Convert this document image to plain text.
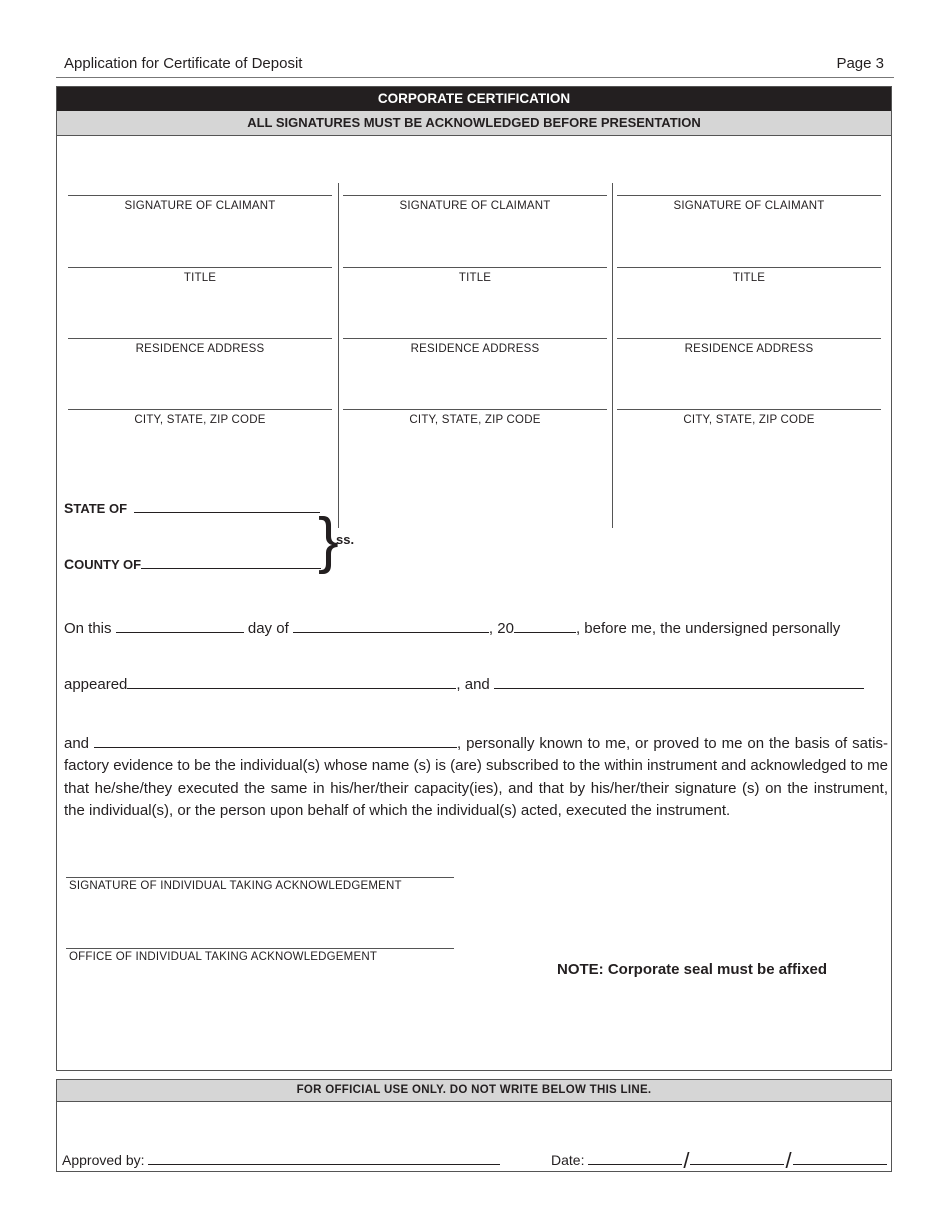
Application for Certificate of Deposit	Page 3
CORPORATE CERTIFICATION
ALL SIGNATURES MUST BE ACKNOWLEDGED BEFORE PRESENTATION
SIGNATURE OF CLAIMANT
TITLE
RESIDENCE ADDRESS
CITY, STATE, ZIP CODE
SIGNATURE OF CLAIMANT
TITLE
RESIDENCE ADDRESS
CITY, STATE, ZIP CODE
SIGNATURE OF CLAIMANT
TITLE
RESIDENCE ADDRESS
CITY, STATE, ZIP CODE
STATE OF
COUNTY OF	}
ss.
On this	day of	, 20	, before me, the undersigned personally
appeared	, and
and	, personally known to me, or proved to me on the basis of satis- factory evidence to be the individual(s) whose name (s) is (are) subscribed to the within instrument and acknowledged to me that he/she/they executed the same in his/her/their capacity(ies), and that by his/her/their signature (s) on the instrument, the individual(s), or the person upon behalf of which the individual(s) acted, executed the instrument.
SIGNATURE OF INDIVIDUAL TAKING ACKNOWLEDGEMENT
OFFICE OF INDIVIDUAL TAKING ACKNOWLEDGEMENT
NOTE: Corporate seal must be affixed
FOR OFFICIAL USE ONLY. DO NOT WRITE BELOW THIS LINE.
Approved by:	Date:	/	/
